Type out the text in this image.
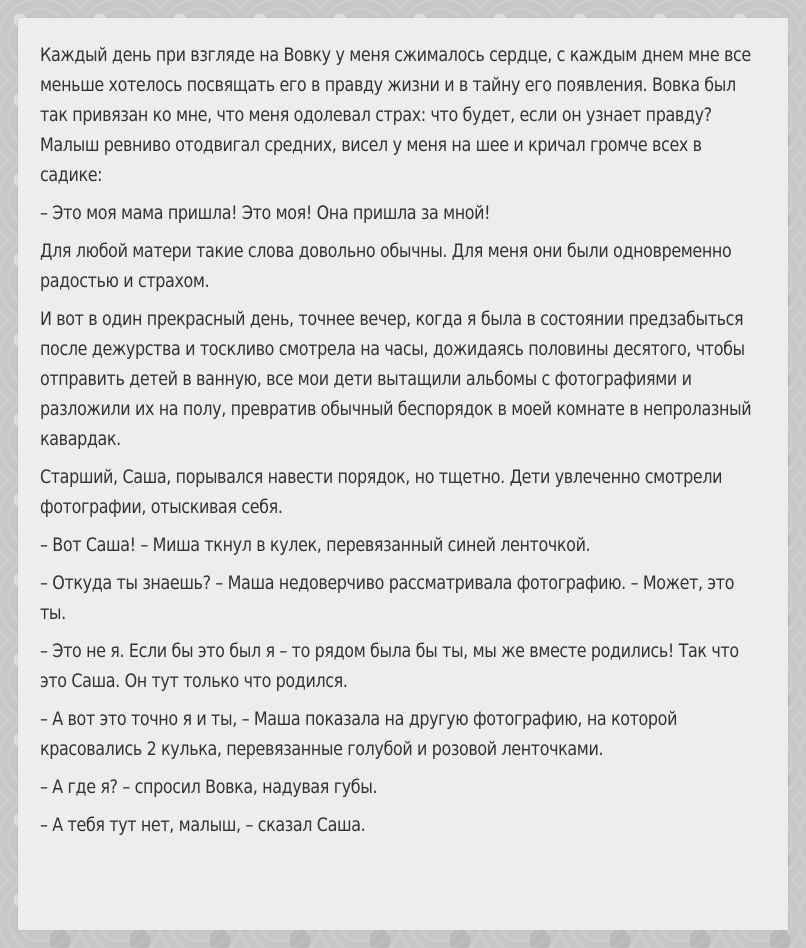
Каждый день при взгляде на Вовку у меня сжималось сердце, с каждым днем мне все меньше хотелось посвящать его в правду жизни и в тайну его появления. Вовка был так привязан ко мне, что меня одолевал страх: что будет, если он узнает правду? Малыш ревниво отодвигал средних, висел у меня на шее и кричал громче всех в садике:

– Это моя мама пришла! Это моя! Она пришла за мной!

Для любой матери такие слова довольно обычны. Для меня они были одновременно радостью и страхом.

И вот в один прекрасный день, точнее вечер, когда я была в состоянии предзабыться после дежурства и тоскливо смотрела на часы, дожидаясь половины десятого, чтобы отправить детей в ванную, все мои дети вытащили альбомы с фотографиями и разложили их на полу, превратив обычный беспорядок в моей комнате в непролазный кавардак.

Старший, Саша, порывался навести порядок, но тщетно. Дети увлеченно смотрели фотографии, отыскивая себя.

– Вот Саша! – Миша ткнул в кулек, перевязанный синей ленточкой.

– Откуда ты знаешь? – Маша недоверчиво рассматривала фотографию. – Может, это ты.

– Это не я. Если бы это был я – то рядом была бы ты, мы же вместе родились! Так что это Саша. Он тут только что родился.

– А вот это точно я и ты, – Маша показала на другую фотографию, на которой красовались 2 кулька, перевязанные голубой и розовой ленточками.

– А где я? – спросил Вовка, надувая губы.

– А тебя тут нет, малыш, – сказал Саша.
